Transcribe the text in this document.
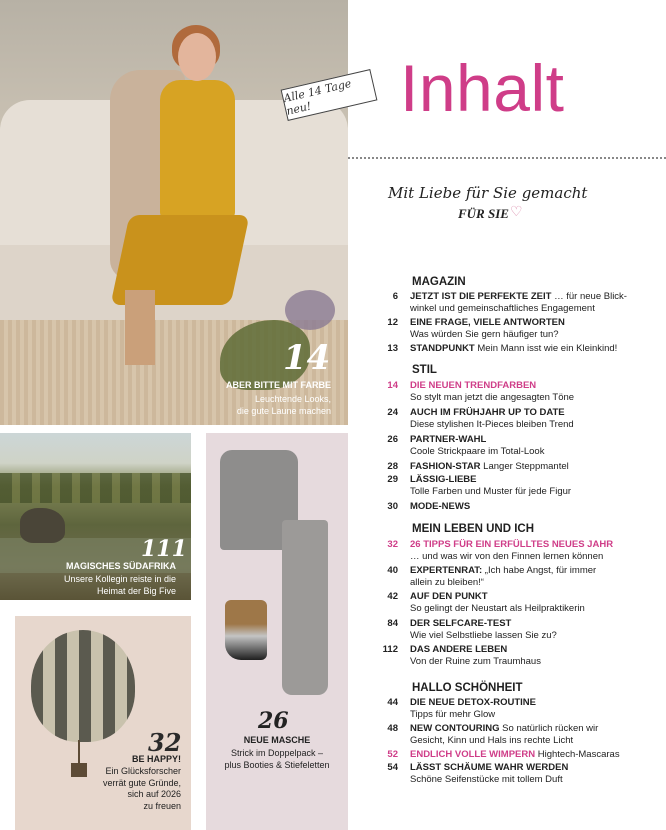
Alle 14 Tage neu!
14
ABER BITTE MIT FARBE
Leuchtende Looks,
die gute Laune machen
111
MAGISCHES SÜDAFRIKA
Unsere Kollegin reiste in die
Heimat der Big Five
32
BE HAPPY!
Ein Glücksforscher
verrät gute Gründe,
sich auf 2026
zu freuen
26
NEUE MASCHE
Strick im Doppelpack –
plus Booties & Stiefeletten
Inhalt
Mit Liebe für Sie gemacht
FÜR SIE ♡
MAGAZIN
6 JETZT IST DIE PERFEKTE ZEIT … für neue Blick-
winkel und gemeinschaftliches Engagement
12 EINE FRAGE, VIELE ANTWORTEN
Was würden Sie gern häufiger tun?
13 STANDPUNKT Mein Mann isst wie ein Kleinkind!
STIL
14 DIE NEUEN TRENDFARBEN
So stylt man jetzt die angesagten Töne
24 AUCH IM FRÜHJAHR UP TO DATE
Diese stylishen It-Pieces bleiben Trend
26 PARTNER-WAHL
Coole Strickpaare im Total-Look
28 FASHION-STAR Langer Steppmantel
29 LÄSSIG-LIEBE
Tolle Farben und Muster für jede Figur
30 MODE-NEWS
MEIN LEBEN UND ICH
32 26 TIPPS FÜR EIN ERFÜLLTES NEUES JAHR
… und was wir von den Finnen lernen können
40 EXPERTENRAT: „Ich habe Angst, für immer
allein zu bleiben!“
42 AUF DEN PUNKT
So gelingt der Neustart als Heilpraktikerin
84 DER SELFCARE-TEST
Wie viel Selbstliebe lassen Sie zu?
112 DAS ANDERE LEBEN
Von der Ruine zum Traumhaus
HALLO SCHÖNHEIT
44 DIE NEUE DETOX-ROUTINE
Tipps für mehr Glow
48 NEW CONTOURING So natürlich rücken wir
Gesicht, Kinn und Hals ins rechte Licht
52 ENDLICH VOLLE WIMPERN Hightech-Mascaras
54 LÄSST SCHÄUME WAHR WERDEN
Schöne Seifenstücke mit tollem Duft
